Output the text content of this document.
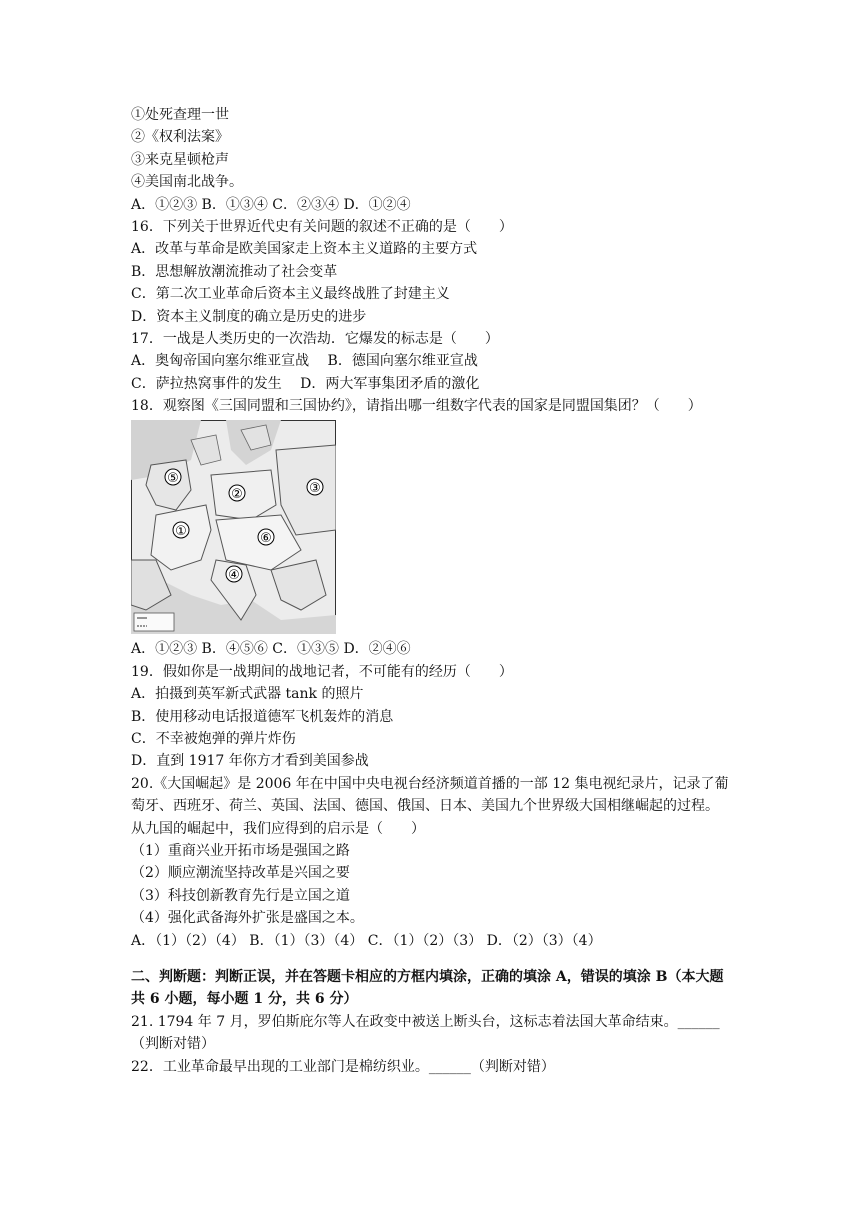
①处死查理一世
②《权利法案》
③来克星顿枪声
④美国南北战争。
A．①②③ B．①③④ C．②③④ D．①②④
16．下列关于世界近代史有关问题的叙述不正确的是（　　）
A．改革与革命是欧美国家走上资本主义道路的主要方式
B．思想解放潮流推动了社会变革
C．第二次工业革命后资本主义最终战胜了封建主义
D．资本主义制度的确立是历史的进步
17．一战是人类历史的一次浩劫．它爆发的标志是（　　）
A．奥匈帝国向塞尔维亚宣战　 B．德国向塞尔维亚宣战
C．萨拉热窝事件的发生　 D．两大军事集团矛盾的激化
18．观察图《三国同盟和三国协约》，请指出哪一组数字代表的国家是同盟国集团？（　　）
⑤
②	③
①	⑥
④
A．①②③ B．④⑤⑥ C．①③⑤ D．②④⑥
19．假如你是一战期间的战地记者，不可能有的经历（　　）
A．拍摄到英军新式武器 tank 的照片
B．使用移动电话报道德军飞机轰炸的消息
C．不幸被炮弹的弹片炸伤
D．直到 1917 年你方才看到美国参战
20.《大国崛起》是 2006 年在中国中央电视台经济频道首播的一部 12 集电视纪录片，记录了葡萄牙、西班牙、荷兰、英国、法国、德国、俄国、日本、美国九个世界级大国相继崛起的过程。从九国的崛起中，我们应得到的启示是（　　）
（1）重商兴业开拓市场是强国之路
（2）顺应潮流坚持改革是兴国之要
（3）科技创新教育先行是立国之道
（4）强化武备海外扩张是盛国之本。
A．（1）（2）（4） B．（1）（3）（4） C．（1）（2）（3） D．（2）（3）（4）
二、判断题：判断正误，并在答题卡相应的方框内填涂，正确的填涂 A，错误的填涂 B（本大题共 6 小题，每小题 1 分，共 6 分）
21. 1794 年 7 月，罗伯斯庇尔等人在政变中被送上断头台，这标志着法国大革命结束。______（判断对错）
22．工业革命最早出现的工业部门是棉纺织业。______（判断对错）
